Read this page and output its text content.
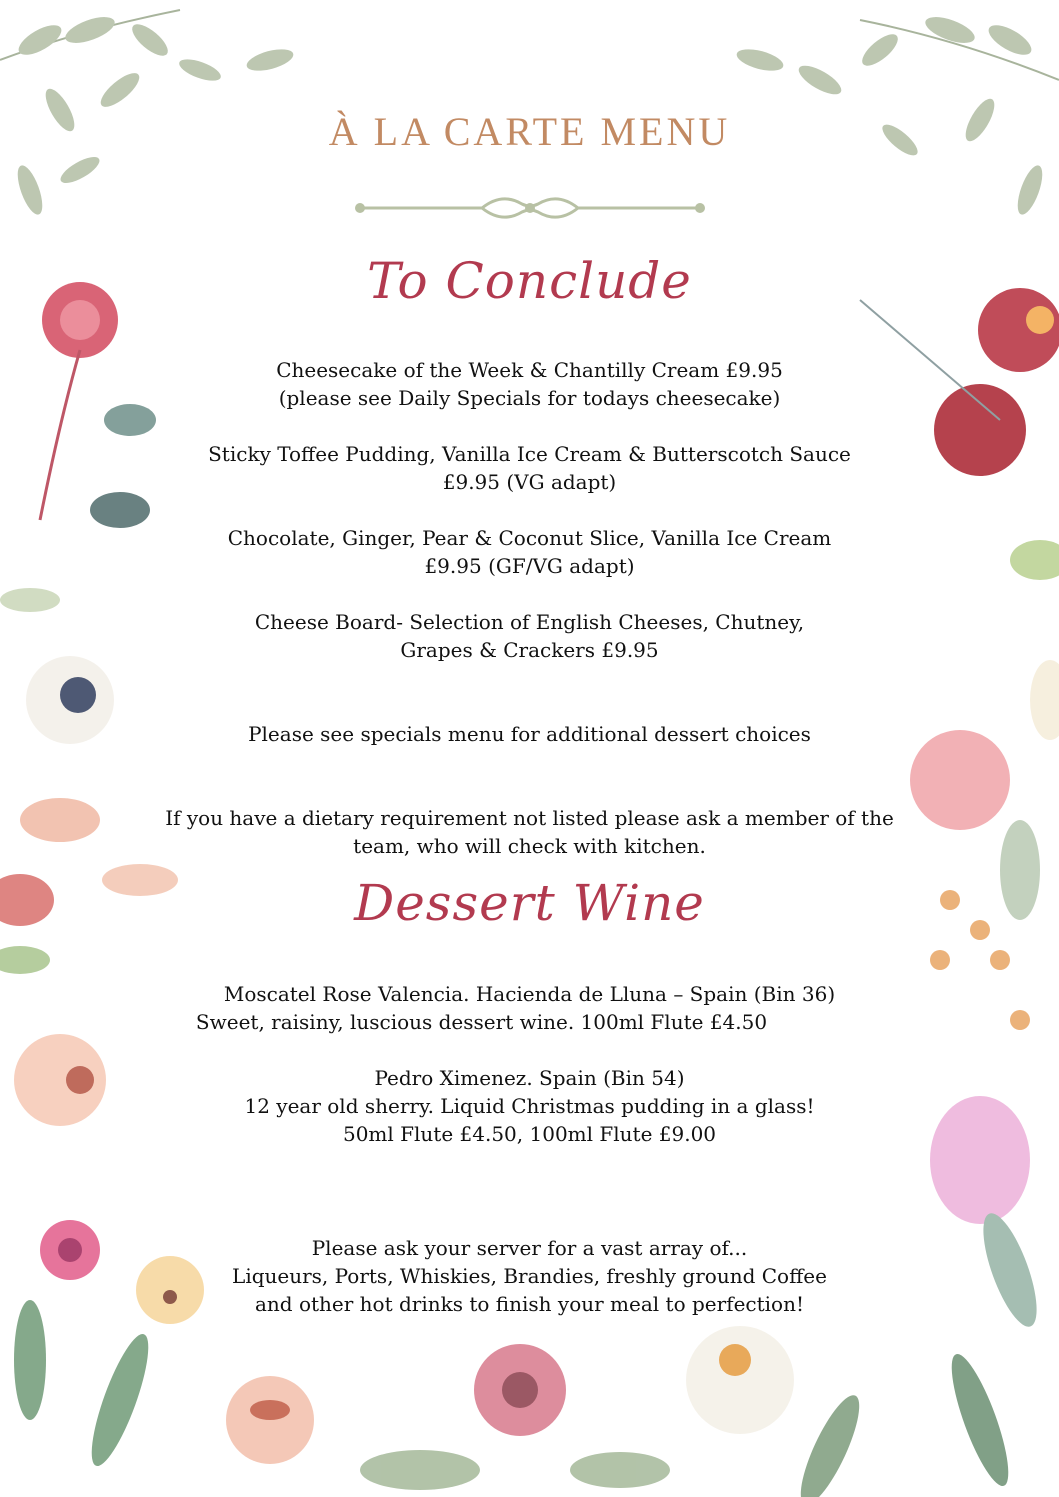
À LA CARTE MENU
To Conclude
Cheesecake of the Week & Chantilly Cream £9.95
(please see Daily Specials for todays cheesecake)
Sticky Toffee Pudding, Vanilla Ice Cream & Butterscotch Sauce
£9.95 (VG adapt)
Chocolate, Ginger, Pear & Coconut Slice, Vanilla Ice Cream
£9.95 (GF/VG adapt)
Cheese Board- Selection of English Cheeses, Chutney,
Grapes & Crackers £9.95
Please see specials menu for additional dessert choices
If you have a dietary requirement not listed please ask a member of the
team, who will check with kitchen.
Dessert Wine
Moscatel Rose Valencia. Hacienda de Lluna – Spain (Bin 36)
Sweet, raisiny, luscious dessert wine. 100ml Flute £4.50
Pedro Ximenez. Spain (Bin 54)
12 year old sherry. Liquid Christmas pudding in a glass!
50ml Flute £4.50, 100ml Flute £9.00
Please ask your server for a vast array of...
Liqueurs, Ports, Whiskies, Brandies, freshly ground Coffee
and other hot drinks to finish your meal to perfection!
